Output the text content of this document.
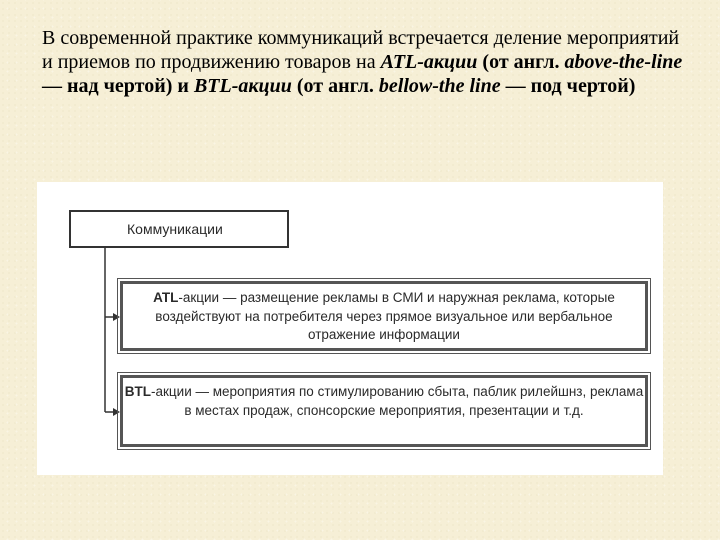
В современной практике коммуникаций встречается деление мероприятий и приемов по продвижению товаров на ATL-акции (от англ. above-the-line — над чертой) и BTL-акции (от англ. bellow-the line — под чертой)

Коммуникации
ATL-акции — размещение рекламы в СМИ и наружная реклама, которые воздействуют на потребителя через прямое визуальное или вербальное отражение информации
BTL-акции — мероприятия по стимулированию сбыта, паблик рилейшнз, реклама в местах продаж, спонсорские мероприятия, презентации и т.д.
